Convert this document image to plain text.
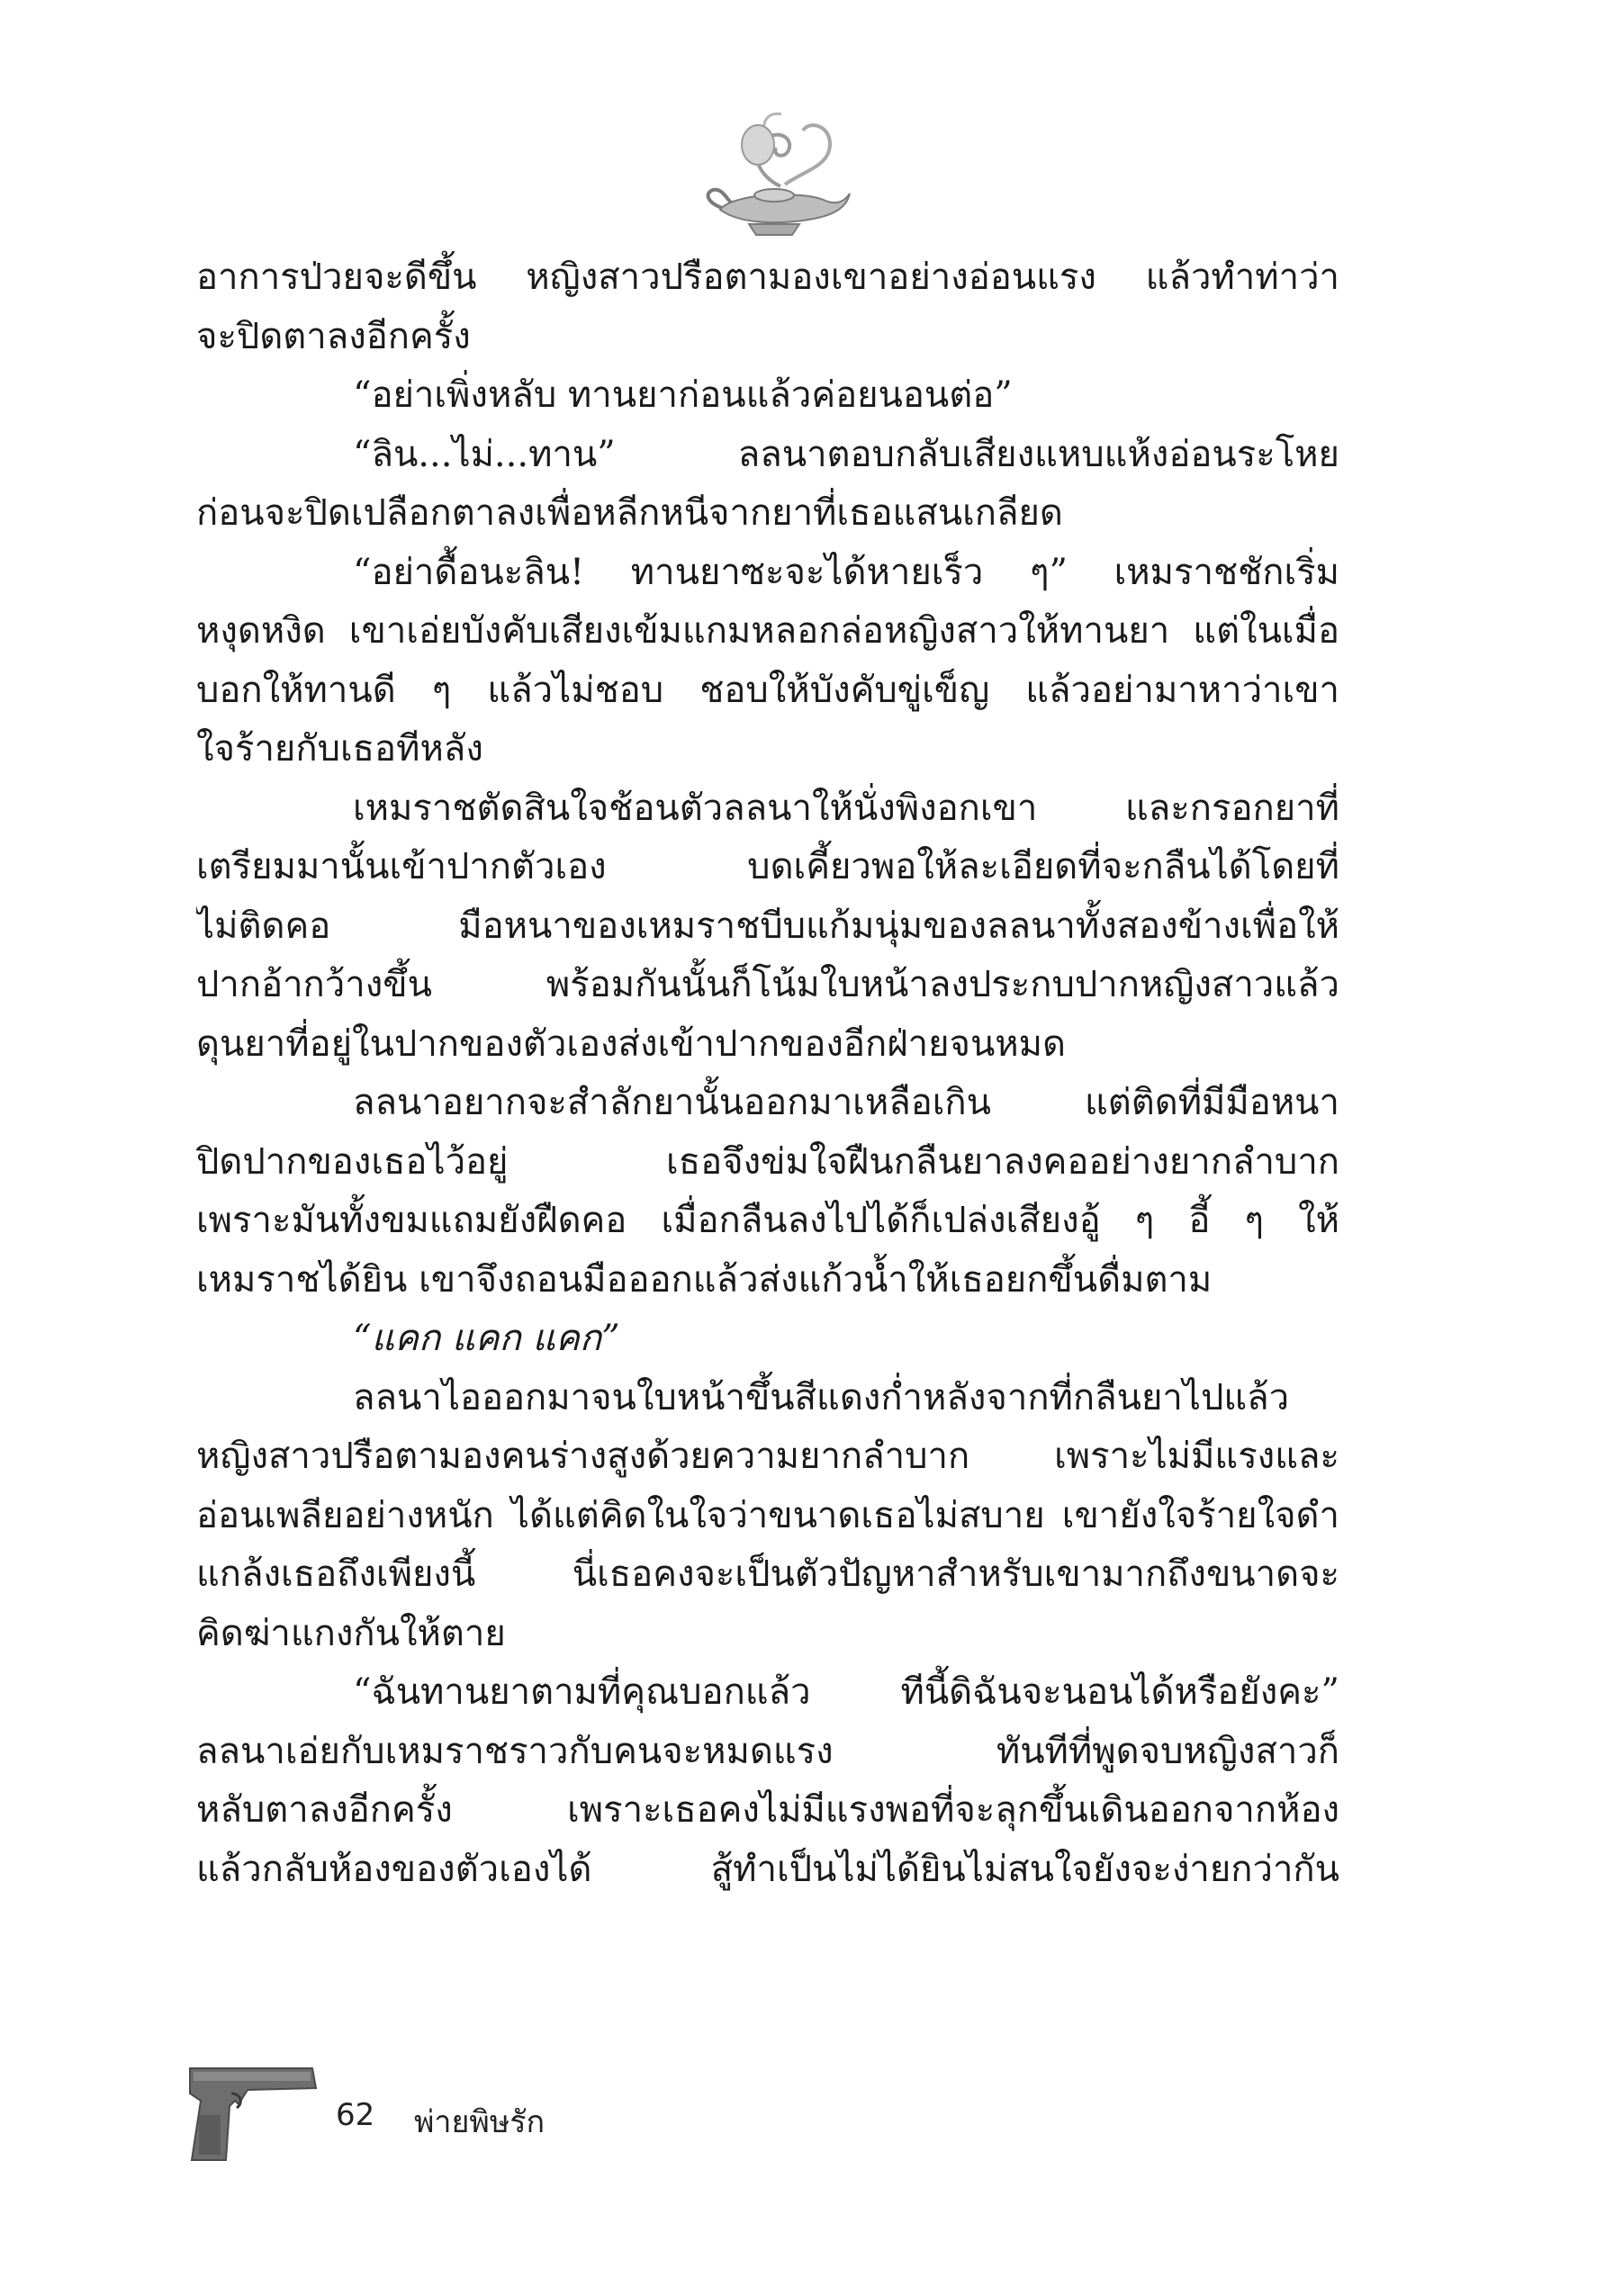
อาการป่วยจะดีขึ้น หญิงสาวปรือตามองเขาอย่างอ่อนแรง แล้วทำท่าว่า
จะปิดตาลงอีกครั้ง
“อย่าเพิ่งหลับ ทานยาก่อนแล้วค่อยนอนต่อ”
“ลิน...ไม่...ทาน” ลลนาตอบกลับเสียงแหบแห้งอ่อนระโหย
ก่อนจะปิดเปลือกตาลงเพื่อหลีกหนีจากยาที่เธอแสนเกลียด
“อย่าดื้อนะลิน! ทานยาซะจะได้หายเร็ว ๆ” เหมราชชักเริ่ม
หงุดหงิด เขาเอ่ยบังคับเสียงเข้มแกมหลอกล่อหญิงสาวให้ทานยา แต่ในเมื่อ
บอกให้ทานดี ๆ แล้วไม่ชอบ ชอบให้บังคับขู่เข็ญ แล้วอย่ามาหาว่าเขา
ใจร้ายกับเธอทีหลัง
เหมราชตัดสินใจช้อนตัวลลนาให้นั่งพิงอกเขา และกรอกยาที่
เตรียมมานั้นเข้าปากตัวเอง บดเคี้ยวพอให้ละเอียดที่จะกลืนได้โดยที่
ไม่ติดคอ มือหนาของเหมราชบีบแก้มนุ่มของลลนาทั้งสองข้างเพื่อให้
ปากอ้ากว้างขึ้น พร้อมกันนั้นก็โน้มใบหน้าลงประกบปากหญิงสาวแล้ว
ดุนยาที่อยู่ในปากของตัวเองส่งเข้าปากของอีกฝ่ายจนหมด
ลลนาอยากจะสำลักยานั้นออกมาเหลือเกิน แต่ติดที่มีมือหนา
ปิดปากของเธอไว้อยู่ เธอจึงข่มใจฝืนกลืนยาลงคออย่างยากลำบาก
เพราะมันทั้งขมแถมยังฝืดคอ เมื่อกลืนลงไปได้ก็เปล่งเสียงอู้ ๆ อี้ ๆ ให้
เหมราชได้ยิน เขาจึงถอนมือออกแล้วส่งแก้วน้ำให้เธอยกขึ้นดื่มตาม
“แคก แคก แคก”
ลลนาไอออกมาจนใบหน้าขึ้นสีแดงก่ำหลังจากที่กลืนยาไปแล้ว
หญิงสาวปรือตามองคนร่างสูงด้วยความยากลำบาก เพราะไม่มีแรงและ
อ่อนเพลียอย่างหนัก ได้แต่คิดในใจว่าขนาดเธอไม่สบาย เขายังใจร้ายใจดำ
แกล้งเธอถึงเพียงนี้ นี่เธอคงจะเป็นตัวปัญหาสำหรับเขามากถึงขนาดจะ
คิดฆ่าแกงกันให้ตาย
“ฉันทานยาตามที่คุณบอกแล้ว ทีนี้ดิฉันจะนอนได้หรือยังคะ”
ลลนาเอ่ยกับเหมราชราวกับคนจะหมดแรง ทันทีที่พูดจบหญิงสาวก็
หลับตาลงอีกครั้ง เพราะเธอคงไม่มีแรงพอที่จะลุกขึ้นเดินออกจากห้อง
แล้วกลับห้องของตัวเองได้ สู้ทำเป็นไม่ได้ยินไม่สนใจยังจะง่ายกว่ากัน
62 พ่ายพิษรัก
